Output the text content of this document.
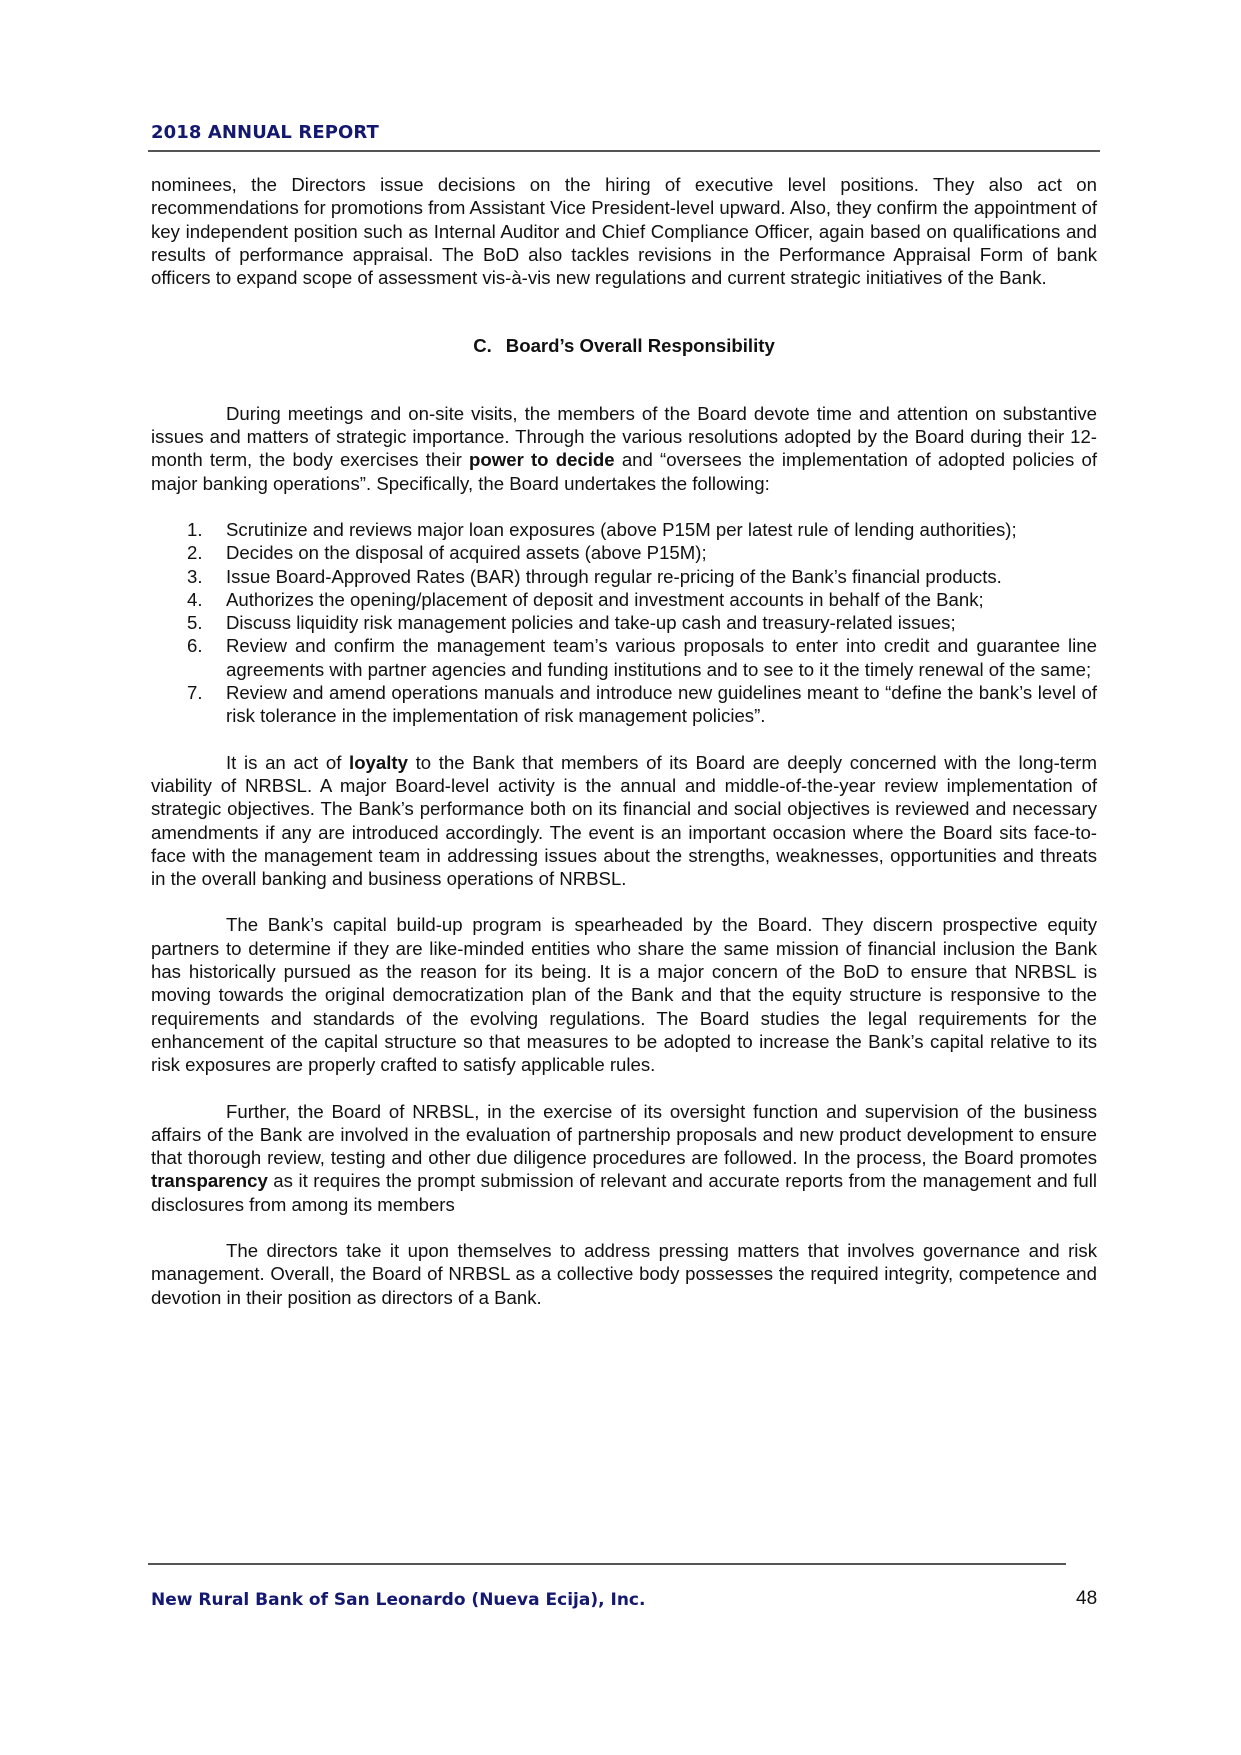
2018 ANNUAL REPORT

nominees, the Directors issue decisions on the hiring of executive level positions. They also act on recommendations for promotions from Assistant Vice President-level upward. Also, they confirm the appointment of key independent position such as Internal Auditor and Chief Compliance Officer, again based on qualifications and results of performance appraisal. The BoD also tackles revisions in the Performance Appraisal Form of bank officers to expand scope of assessment vis-à-vis new regulations and current strategic initiatives of the Bank.

C. Board’s Overall Responsibility

During meetings and on-site visits, the members of the Board devote time and attention on substantive issues and matters of strategic importance. Through the various resolutions adopted by the Board during their 12-month term, the body exercises their power to decide and “oversees the implementation of adopted policies of major banking operations”. Specifically, the Board undertakes the following:

1. Scrutinize and reviews major loan exposures (above P15M per latest rule of lending authorities);
2. Decides on the disposal of acquired assets (above P15M);
3. Issue Board-Approved Rates (BAR) through regular re-pricing of the Bank’s financial products.
4. Authorizes the opening/placement of deposit and investment accounts in behalf of the Bank;
5. Discuss liquidity risk management policies and take-up cash and treasury-related issues;
6. Review and confirm the management team’s various proposals to enter into credit and guarantee line agreements with partner agencies and funding institutions and to see to it the timely renewal of the same;
7. Review and amend operations manuals and introduce new guidelines meant to “define the bank’s level of risk tolerance in the implementation of risk management policies”.

It is an act of loyalty to the Bank that members of its Board are deeply concerned with the long-term viability of NRBSL. A major Board-level activity is the annual and middle-of-the-year review implementation of strategic objectives. The Bank’s performance both on its financial and social objectives is reviewed and necessary amendments if any are introduced accordingly. The event is an important occasion where the Board sits face-to-face with the management team in addressing issues about the strengths, weaknesses, opportunities and threats in the overall banking and business operations of NRBSL.

The Bank’s capital build-up program is spearheaded by the Board. They discern prospective equity partners to determine if they are like-minded entities who share the same mission of financial inclusion the Bank has historically pursued as the reason for its being. It is a major concern of the BoD to ensure that NRBSL is moving towards the original democratization plan of the Bank and that the equity structure is responsive to the requirements and standards of the evolving regulations. The Board studies the legal requirements for the enhancement of the capital structure so that measures to be adopted to increase the Bank’s capital relative to its risk exposures are properly crafted to satisfy applicable rules.

Further, the Board of NRBSL, in the exercise of its oversight function and supervision of the business affairs of the Bank are involved in the evaluation of partnership proposals and new product development to ensure that thorough review, testing and other due diligence procedures are followed. In the process, the Board promotes transparency as it requires the prompt submission of relevant and accurate reports from the management and full disclosures from among its members

The directors take it upon themselves to address pressing matters that involves governance and risk management. Overall, the Board of NRBSL as a collective body possesses the required integrity, competence and devotion in their position as directors of a Bank.

New Rural Bank of San Leonardo (Nueva Ecija), Inc.	48
